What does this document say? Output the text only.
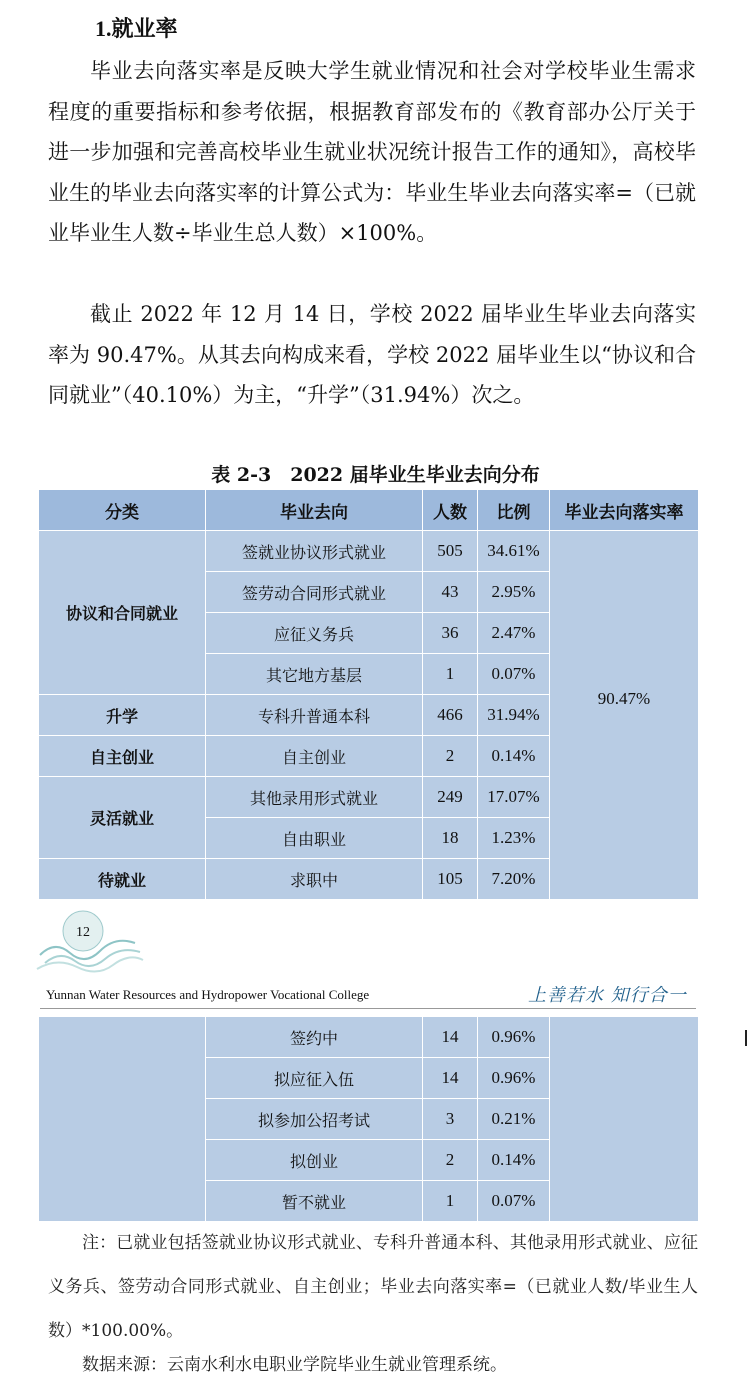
1.就业率

毕业去向落实率是反映大学生就业情况和社会对学校毕业生需求程度的重要指标和参考依据，根据教育部发布的《教育部办公厅关于进一步加强和完善高校毕业生就业状况统计报告工作的通知》，高校毕业生的毕业去向落实率的计算公式为：毕业生毕业去向落实率=（已就业毕业生人数÷毕业生总人数）×100%。

截止 2022 年 12 月 14 日，学校 2022 届毕业生毕业去向落实率为 90.47%。从其去向构成来看，学校 2022 届毕业生以“协议和合同就业”（40.10%）为主，“升学”（31.94%）次之。

表 2-3　2022 届毕业生毕业去向分布
分类	毕业去向	人数	比例	毕业去向落实率
协议和合同就业	签就业协议形式就业	505	34.61%	90.47%
	签劳动合同形式就业	43	2.95%	
	应征义务兵	36	2.47%	
	其它地方基层	1	0.07%	
升学	专科升普通本科	466	31.94%	
自主创业	自主创业	2	0.14%	
灵活就业	其他录用形式就业	249	17.07%	
	自由职业	18	1.23%	
待就业	求职中	105	7.20%	
12
Yunnan Water Resources and Hydropower Vocational College	上善若水 知行合一
	签约中	14	0.96%	
	拟应征入伍	14	0.96%	
	拟参加公招考试	3	0.21%	
	拟创业	2	0.14%	
	暂不就业	1	0.07%	

注：已就业包括签就业协议形式就业、专科升普通本科、其他录用形式就业、应征义务兵、签劳动合同形式就业、自主创业；毕业去向落实率=（已就业人数/毕业生人数）*100.00%。

数据来源：云南水利水电职业学院毕业生就业管理系统。
